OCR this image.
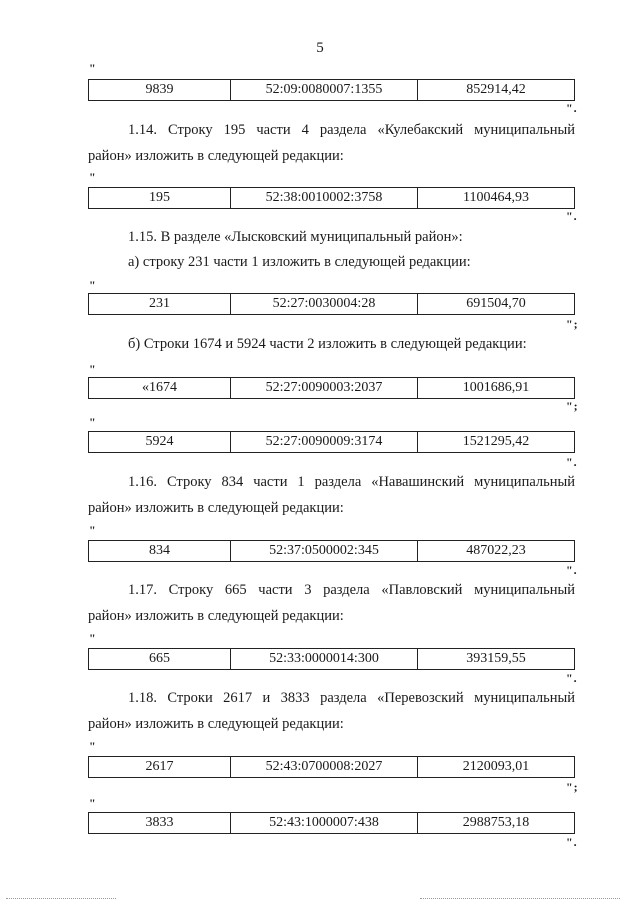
5
"
9839	52:09:0080007:1355	852914,42
".
1.14. Строку 195 части 4 раздела «Кулебакский муниципальный
район» изложить в следующей редакции:
"
195	52:38:0010002:3758	1100464,93
".
1.15. В разделе «Лысковский муниципальный район»:
а) строку 231 части 1 изложить в следующей редакции:
"
231	52:27:0030004:28	691504,70
";
б) Строки 1674 и 5924 части 2 изложить в следующей редакции:
"
«1674	52:27:0090003:2037	1001686,91
";
"
5924	52:27:0090009:3174	1521295,42
".
1.16. Строку 834 части 1 раздела «Навашинский муниципальный
район» изложить в следующей редакции:
"
834	52:37:0500002:345	487022,23
".
1.17. Строку 665 части 3 раздела «Павловский муниципальный
район» изложить в следующей редакции:
"
665	52:33:0000014:300	393159,55
".
1.18. Строки 2617 и 3833 раздела «Перевозский муниципальный
район» изложить в следующей редакции:
"
2617	52:43:0700008:2027	2120093,01
";
"
3833	52:43:1000007:438	2988753,18
".
